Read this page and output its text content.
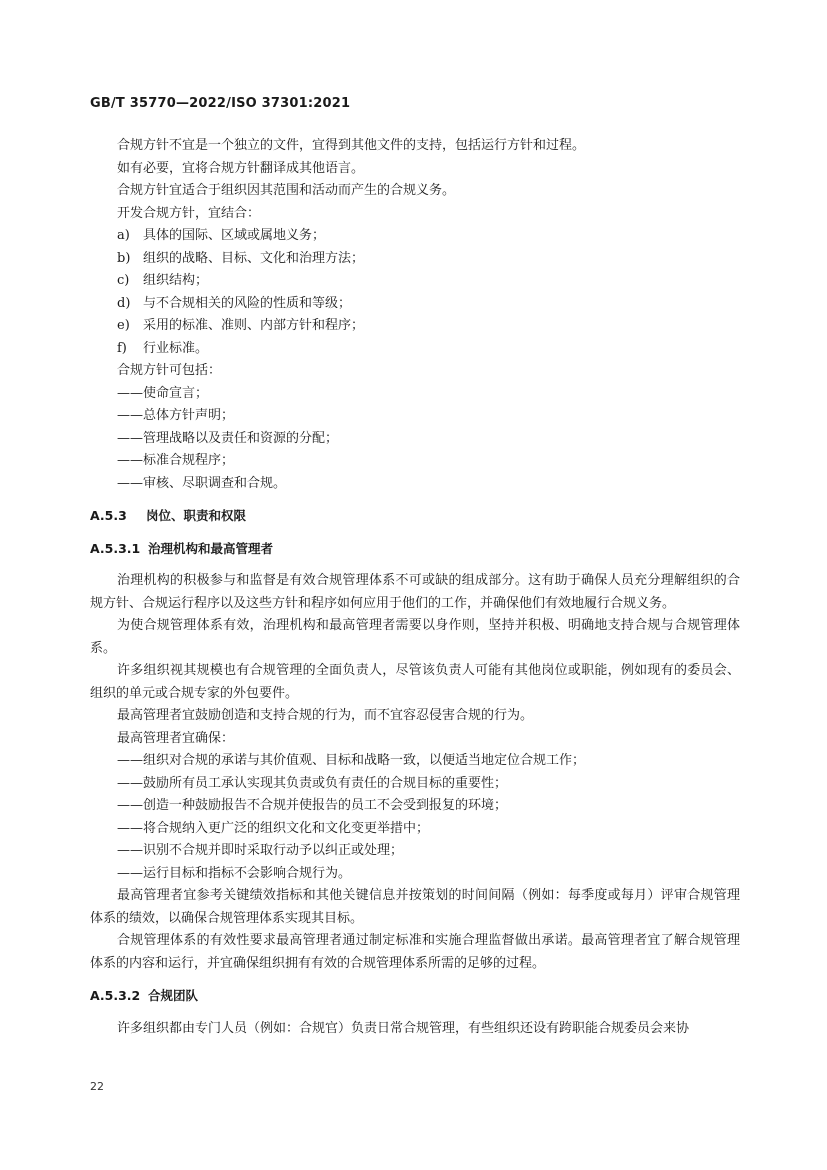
GB/T 35770—2022/ISO 37301:2021

合规方针不宜是一个独立的文件，宜得到其他文件的支持，包括运行方针和过程。

如有必要，宜将合规方针翻译成其他语言。

合规方针宜适合于组织因其范围和活动而产生的合规义务。

开发合规方针，宜结合：

a) 具体的国际、区域或属地义务；
b) 组织的战略、目标、文化和治理方法；
c) 组织结构；
d) 与不合规相关的风险的性质和等级；
e) 采用的标准、准则、内部方针和程序；
f) 行业标准。

合规方针可包括：

——使命宣言；
——总体方针声明；
——管理战略以及责任和资源的分配；
——标准合规程序；
——审核、尽职调查和合规。
A.5.3 岗位、职责和权限
A.5.3.1 治理机构和最高管理者

治理机构的积极参与和监督是有效合规管理体系不可或缺的组成部分。这有助于确保人员充分理解组织的合规方针、合规运行程序以及这些方针和程序如何应用于他们的工作，并确保他们有效地履行合规义务。

为使合规管理体系有效，治理机构和最高管理者需要以身作则，坚持并积极、明确地支持合规与合规管理体系。

许多组织视其规模也有合规管理的全面负责人，尽管该负责人可能有其他岗位或职能，例如现有的委员会、组织的单元或合规专家的外包要件。

最高管理者宜鼓励创造和支持合规的行为，而不宜容忍侵害合规的行为。

最高管理者宜确保：

——组织对合规的承诺与其价值观、目标和战略一致，以便适当地定位合规工作；
——鼓励所有员工承认实现其负责或负有责任的合规目标的重要性；
——创造一种鼓励报告不合规并使报告的员工不会受到报复的环境；
——将合规纳入更广泛的组织文化和文化变更举措中；
——识别不合规并即时采取行动予以纠正或处理；
——运行目标和指标不会影响合规行为。

最高管理者宜参考关键绩效指标和其他关键信息并按策划的时间间隔（例如：每季度或每月）评审合规管理体系的绩效，以确保合规管理体系实现其目标。

合规管理体系的有效性要求最高管理者通过制定标准和实施合理监督做出承诺。最高管理者宜了解合规管理体系的内容和运行，并宜确保组织拥有有效的合规管理体系所需的足够的过程。

A.5.3.2 合规团队

许多组织都由专门人员（例如：合规官）负责日常合规管理，有些组织还设有跨职能合规委员会来协

22
